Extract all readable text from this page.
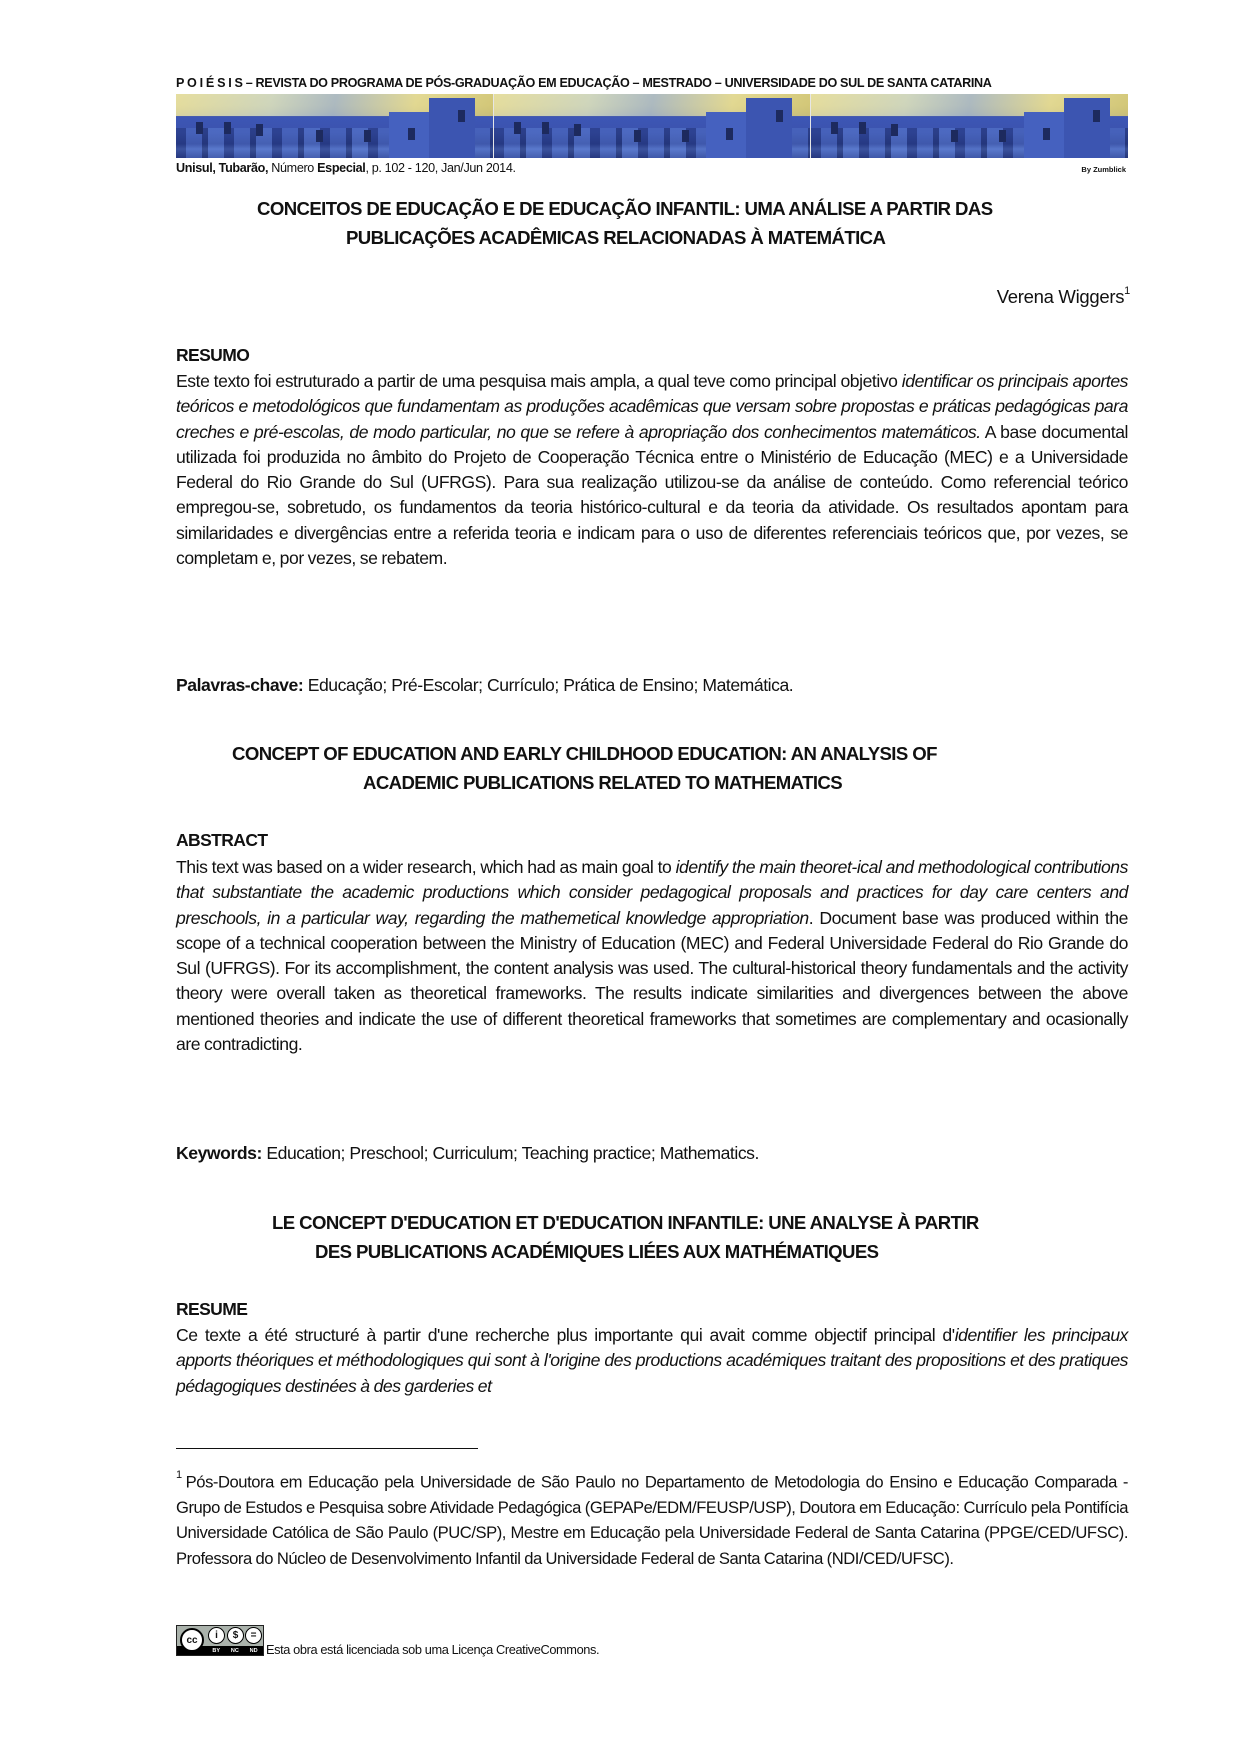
P O I É S I S – REVISTA DO PROGRAMA DE PÓS-GRADUAÇÃO EM EDUCAÇÃO – MESTRADO – UNIVERSIDADE DO SUL DE SANTA CATARINA
Unisul, Tubarão, Número Especial, p. 102 - 120, Jan/Jun 2014.	By Zumblick
CONCEITOS DE EDUCAÇÃO E DE EDUCAÇÃO INFANTIL: UMA ANÁLISE A PARTIR DAS
PUBLICAÇÕES ACADÊMICAS RELACIONADAS À MATEMÁTICA
Verena Wiggers$^1$
RESUMO
Este texto foi estruturado a partir de uma pesquisa mais ampla, a qual teve como principal objetivo identificar os principais aportes teóricos e metodológicos que fundamentam as produções acadêmicas que versam sobre propostas e práticas pedagógicas para creches e pré-escolas, de modo particular, no que se refere à apropriação dos conhecimentos matemáticos. A base documental utilizada foi produzida no âmbito do Projeto de Cooperação Técnica entre o Ministério de Educação (MEC) e a Universidade Federal do Rio Grande do Sul (UFRGS). Para sua realização utilizou-se da análise de conteúdo. Como referencial teórico empregou-se, sobretudo, os fundamentos da teoria histórico-cultural e da teoria da atividade. Os resultados apontam para similaridades e divergências entre a referida teoria e indicam para o uso de diferentes referenciais teóricos que, por vezes, se completam e, por vezes, se rebatem.
Palavras-chave: Educação; Pré-Escolar; Currículo; Prática de Ensino; Matemática.
CONCEPT OF EDUCATION AND EARLY CHILDHOOD EDUCATION: AN ANALYSIS OF
ACADEMIC PUBLICATIONS RELATED TO MATHEMATICS
ABSTRACT
This text was based on a wider research, which had as main goal to identify the main theoret-ical and methodological contributions that substantiate the academic productions which consider pedagogical proposals and practices for day care centers and preschools, in a particular way, regarding the mathemetical knowledge appropriation. Document base was produced within the scope of a technical cooperation between the Ministry of Education (MEC) and Federal Universidade Federal do Rio Grande do Sul (UFRGS). For its accomplishment, the content analysis was used. The cultural-historical theory fundamentals and the activity theory were overall taken as theoretical frameworks. The results indicate similarities and divergences between the above mentioned theories and indicate the use of different theoretical frameworks that sometimes are complementary and ocasionally are contradicting.
Keywords: Education; Preschool; Curriculum; Teaching practice; Mathematics.
LE CONCEPT D'EDUCATION ET D'EDUCATION INFANTILE: UNE ANALYSE À PARTIR
DES PUBLICATIONS ACADÉMIQUES LIÉES AUX MATHÉMATIQUES
RESUME
Ce texte a été structuré à partir d'une recherche plus importante qui avait comme objectif principal d'identifier les principaux apports théoriques et méthodologiques qui sont à l'origine des productions académiques traitant des propositions et des pratiques pédagogiques destinées à des garderies et
$^1$ Pós-Doutora em Educação pela Universidade de São Paulo no Departamento de Metodologia do Ensino e Educação Comparada - Grupo de Estudos e Pesquisa sobre Atividade Pedagógica (GEPAPe/EDM/FEUSP/USP), Doutora em Educação: Currículo pela Pontifícia Universidade Católica de São Paulo (PUC/SP), Mestre em Educação pela Universidade Federal de Santa Catarina (PPGE/CED/UFSC). Professora do Núcleo de Desenvolvimento Infantil da Universidade Federal de Santa Catarina (NDI/CED/UFSC).
cc	i	$	=
BY NC ND Esta obra está licenciada sob uma Licença CreativeCommons.
